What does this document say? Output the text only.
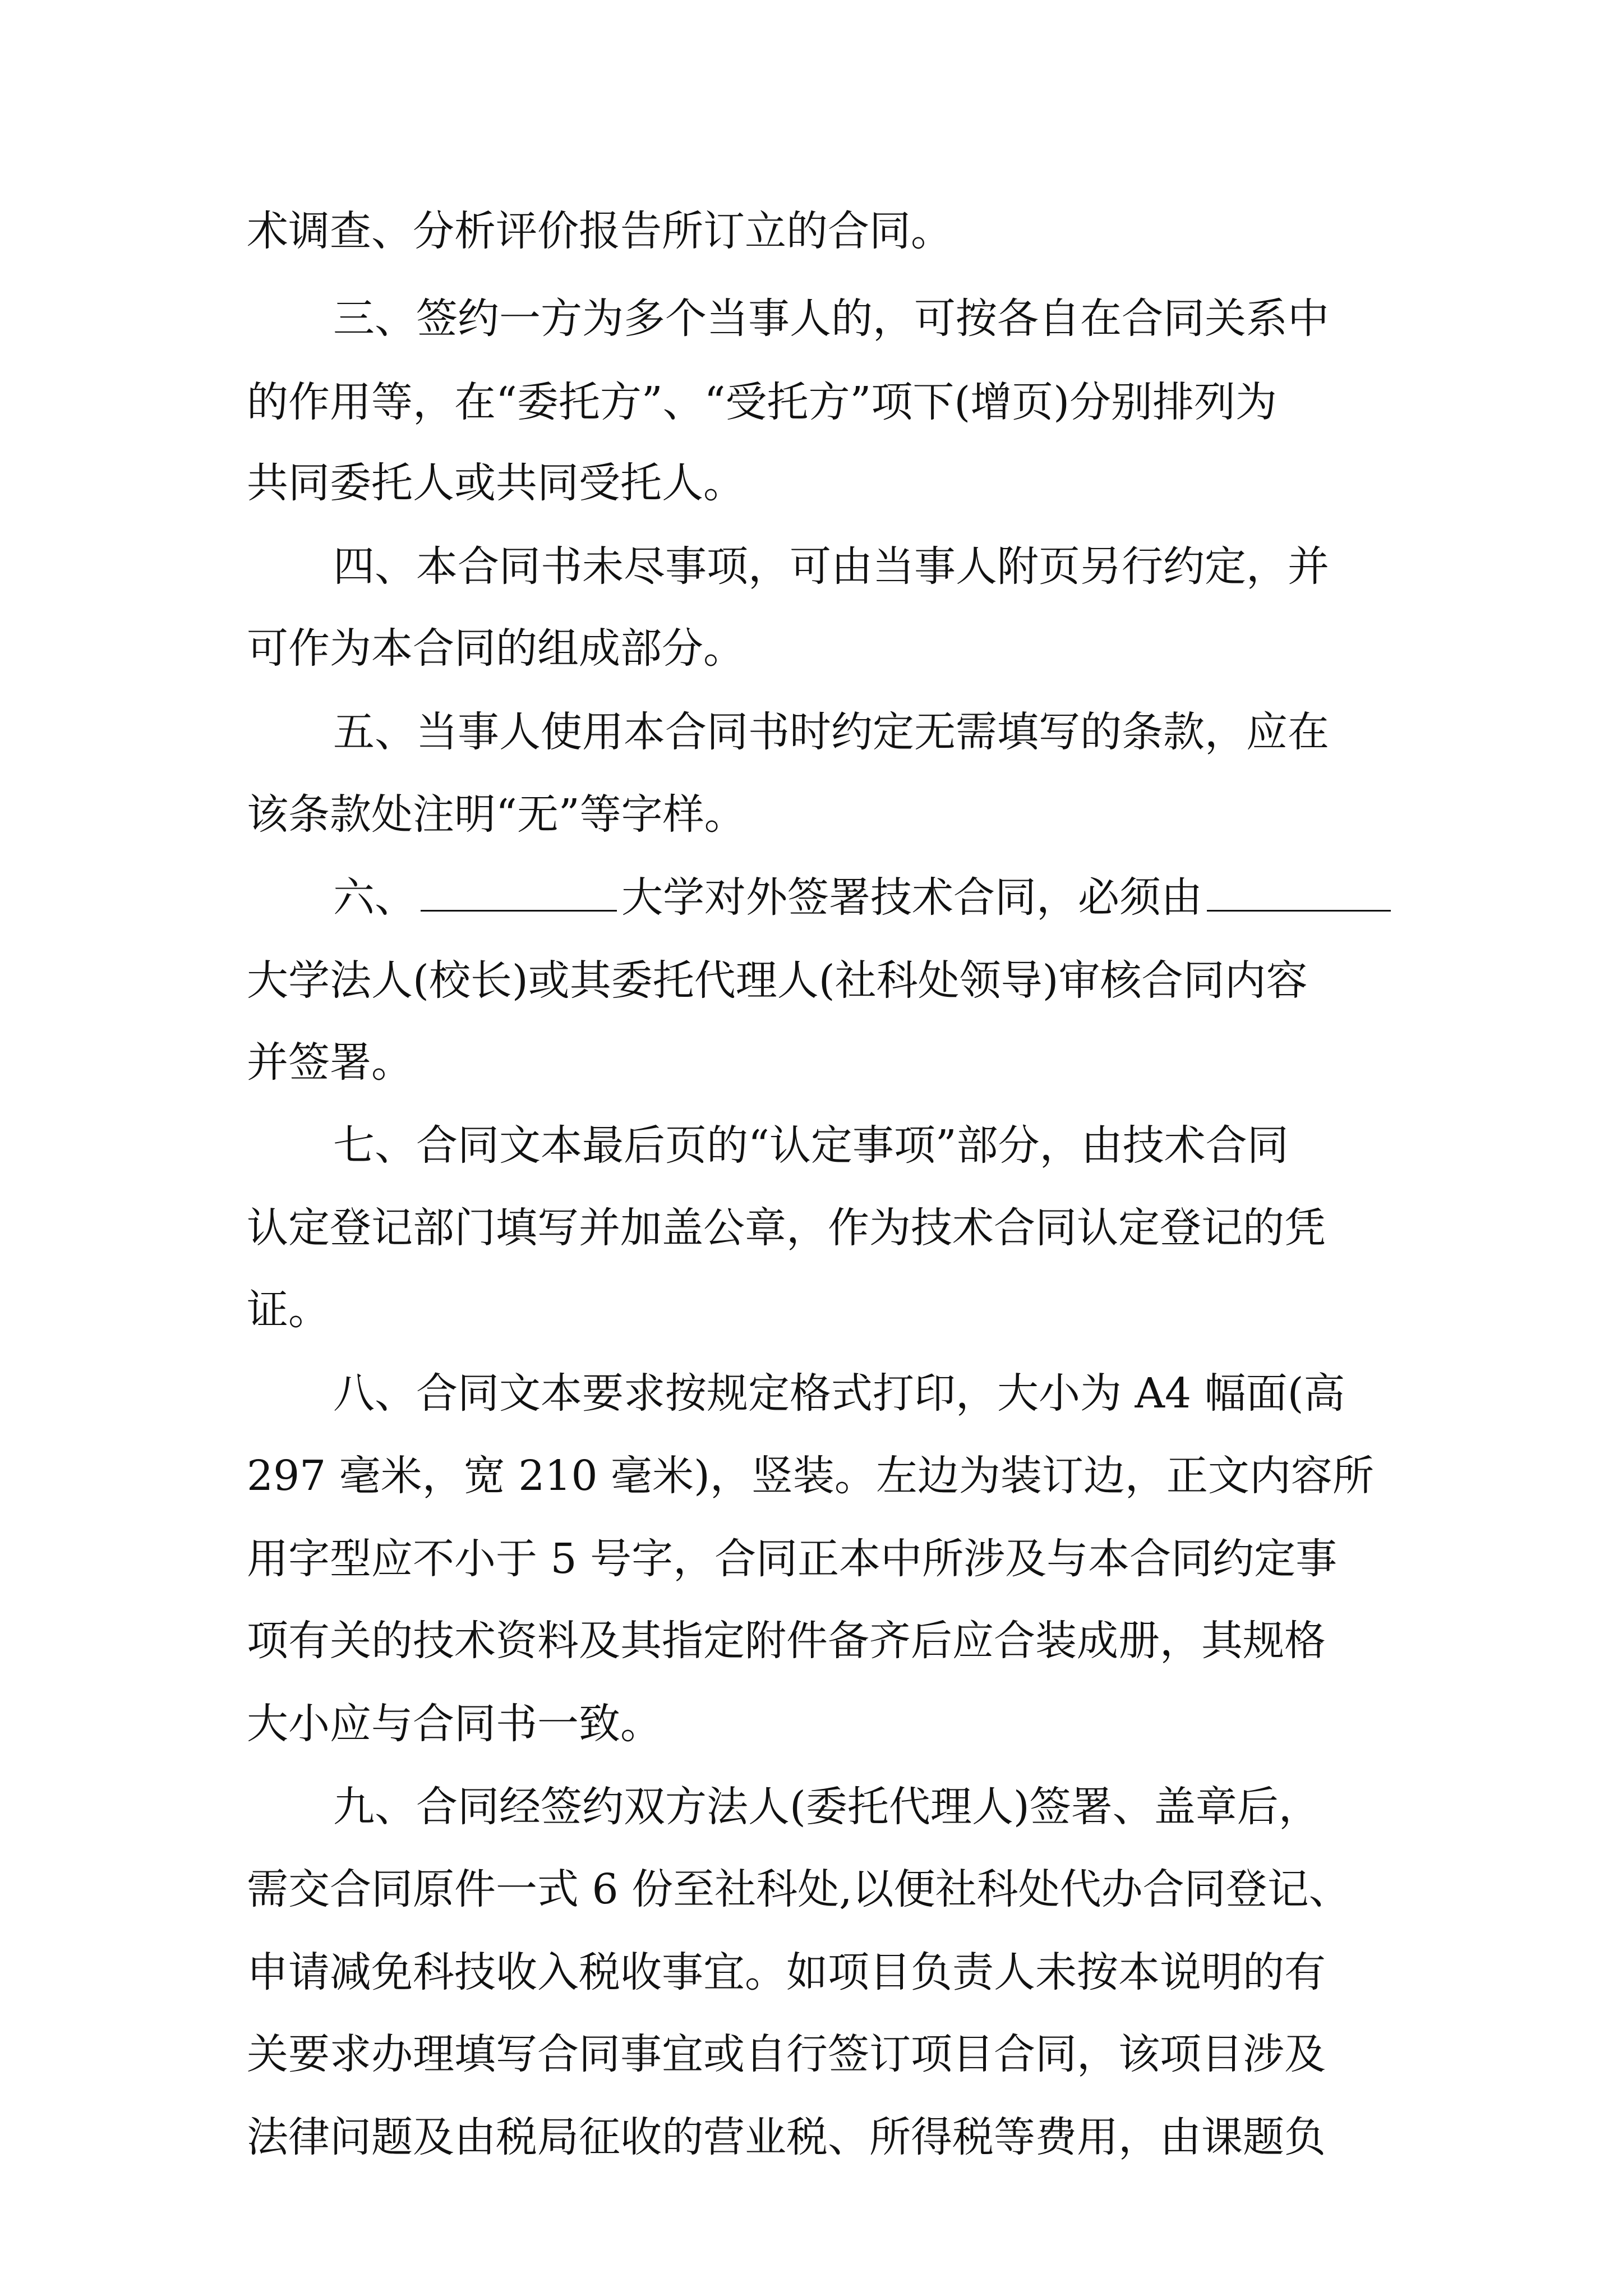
术调查、分析评价报告所订立的合同。
三、签约一方为多个当事人的，可按各自在合同关系中
的作用等，在“委托方”、“受托方”项下(增页)分别排列为
共同委托人或共同受托人。
四、本合同书未尽事项，可由当事人附页另行约定，并
可作为本合同的组成部分。
五、当事人使用本合同书时约定无需填写的条款，应在
该条款处注明“无”等字样。
六、	大学对外签署技术合同，必须由
大学法人(校长)或其委托代理人(社科处领导)审核合同内容
并签署。
七、合同文本最后页的“认定事项”部分，由技术合同
认定登记部门填写并加盖公章，作为技术合同认定登记的凭
证。
八、合同文本要求按规定格式打印，大小为 A4 幅面(高
297 毫米，宽 210 毫米)，竖装。左边为装订边，正文内容所
用字型应不小于 5 号字，合同正本中所涉及与本合同约定事
项有关的技术资料及其指定附件备齐后应合装成册，其规格
大小应与合同书一致。
九、合同经签约双方法人(委托代理人)签署、盖章后，
需交合同原件一式 6 份至社科处,以便社科处代办合同登记、
申请减免科技收入税收事宜。如项目负责人未按本说明的有
关要求办理填写合同事宜或自行签订项目合同，该项目涉及
法律问题及由税局征收的营业税、所得税等费用，由课题负
